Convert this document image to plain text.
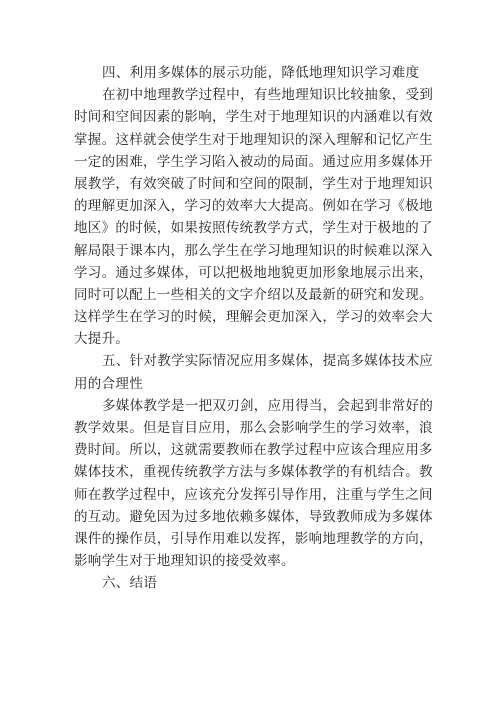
四、利用多媒体的展示功能，降低地理知识学习难度
在初中地理教学过程中，有些地理知识比较抽象，受到
时间和空间因素的影响，学生对于地理知识的内涵难以有效
掌握。这样就会使学生对于地理知识的深入理解和记忆产生
一定的困难，学生学习陷入被动的局面。通过应用多媒体开
展教学，有效突破了时间和空间的限制，学生对于地理知识
的理解更加深入，学习的效率大大提高。例如在学习《极地
地区》的时候，如果按照传统教学方式，学生对于极地的了
解局限于课本内，那么学生在学习地理知识的时候难以深入
学习。通过多媒体，可以把极地地貌更加形象地展示出来，
同时可以配上一些相关的文字介绍以及最新的研究和发现。
这样学生在学习的时候，理解会更加深入，学习的效率会大
大提升。
五、针对教学实际情况应用多媒体，提高多媒体技术应
用的合理性
多媒体教学是一把双刃剑，应用得当，会起到非常好的
教学效果。但是盲目应用，那么会影响学生的学习效率，浪
费时间。所以，这就需要教师在教学过程中应该合理应用多
媒体技术，重视传统教学方法与多媒体教学的有机结合。教
师在教学过程中，应该充分发挥引导作用，注重与学生之间
的互动。避免因为过多地依赖多媒体，导致教师成为多媒体
课件的操作员，引导作用难以发挥，影响地理教学的方向，
影响学生对于地理知识的接受效率。
六、结语
